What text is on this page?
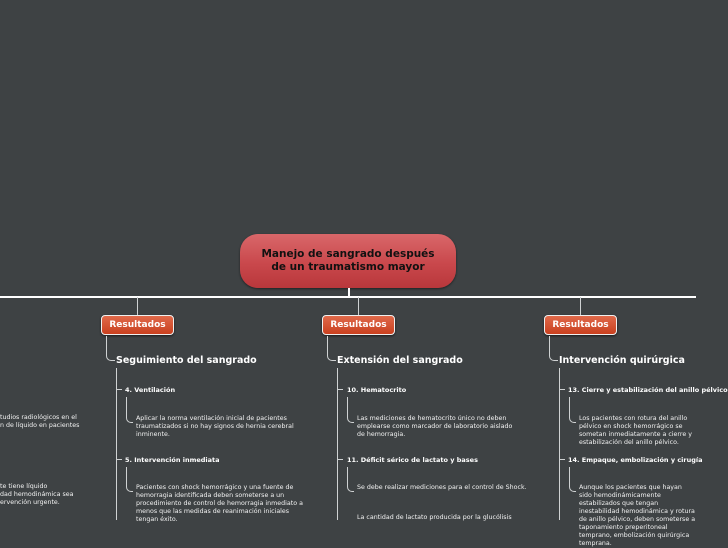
Manejo de sangrado después de un traumatismo mayor
tudios radiológicos en el
n de líquido en pacientes
te tiene líquido
dad hemodinámica sea
ervención urgente.
Resultados
Seguimiento del sangrado
4. Ventilación
Aplicar la norma ventilación inicial de pacientes traumatizados si no hay signos de hernia cerebral inminente.
5. Intervención inmediata
Pacientes con shock hemorrágico y una fuente de hemorragia identificada deben someterse a un procedimiento de control de hemorragia inmediato a menos que las medidas de reanimación iniciales tengan éxito.
Resultados
Extensión del sangrado
10. Hematocrito
Las mediciones de hematocrito único no deben emplearse como marcador de laboratorio aislado de hemorragia.
11. Déficit sérico de lactato y bases
Se debe realizar mediciones para el control de Shock.
La cantidad de lactato producida por la glucólisis
Resultados
Intervención quirúrgica
13. Cierre y estabilización del anillo pélvico
Los pacientes con rotura del anillo pélvico en shock hemorrágico se sometan inmediatamente a cierre y estabilización del anillo pélvico.
14. Empaque, embolización y cirugía
Aunque los pacientes que hayan sido hemodinámicamente estabilizados que tengan inestabilidad hemodinámica y rotura de anillo pélvico, deben someterse a taponamiento preperitoneal temprano, embolización quirúrgica temprana.
